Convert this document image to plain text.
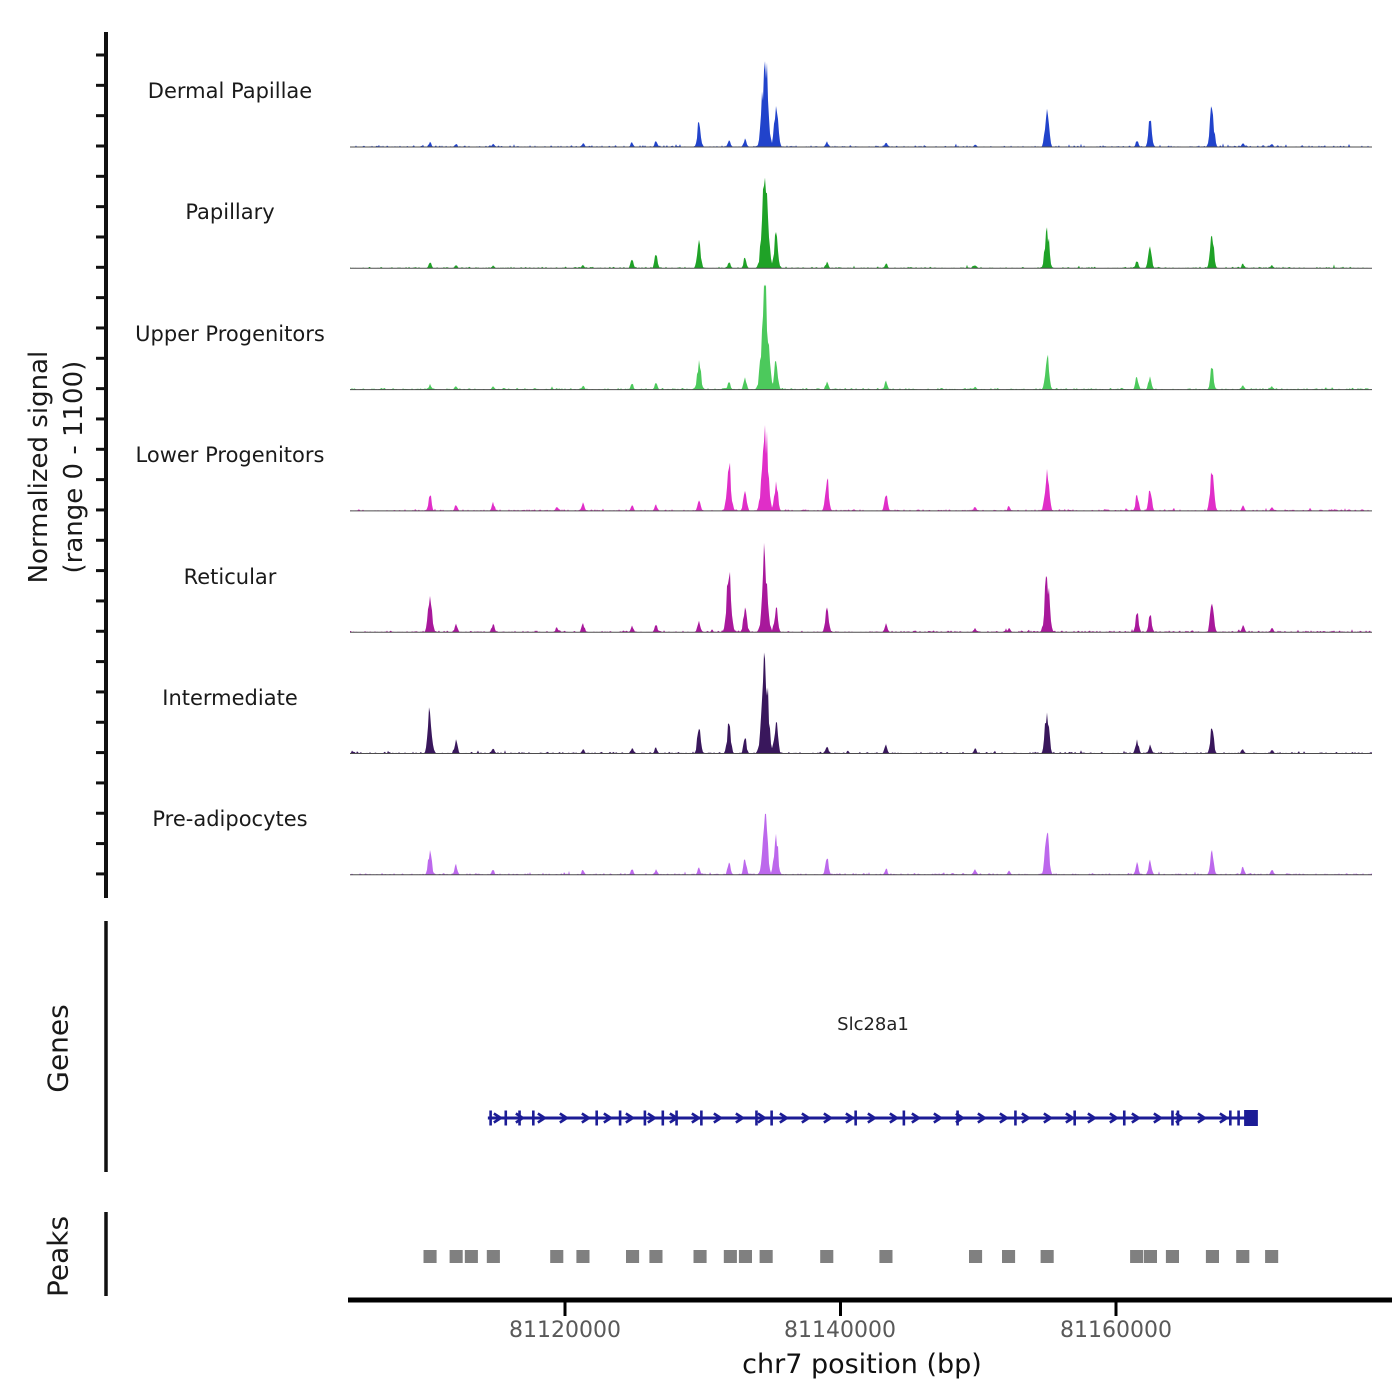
Normalized signal (range 0 - 1100)
Dermal Papillae
Papillary
Upper Progenitors
Lower Progenitors
Reticular
Intermediate
Pre-adipocytes
Genes
Peaks
Slc28a1
81120000	81140000	81160000
chr7 position (bp)
